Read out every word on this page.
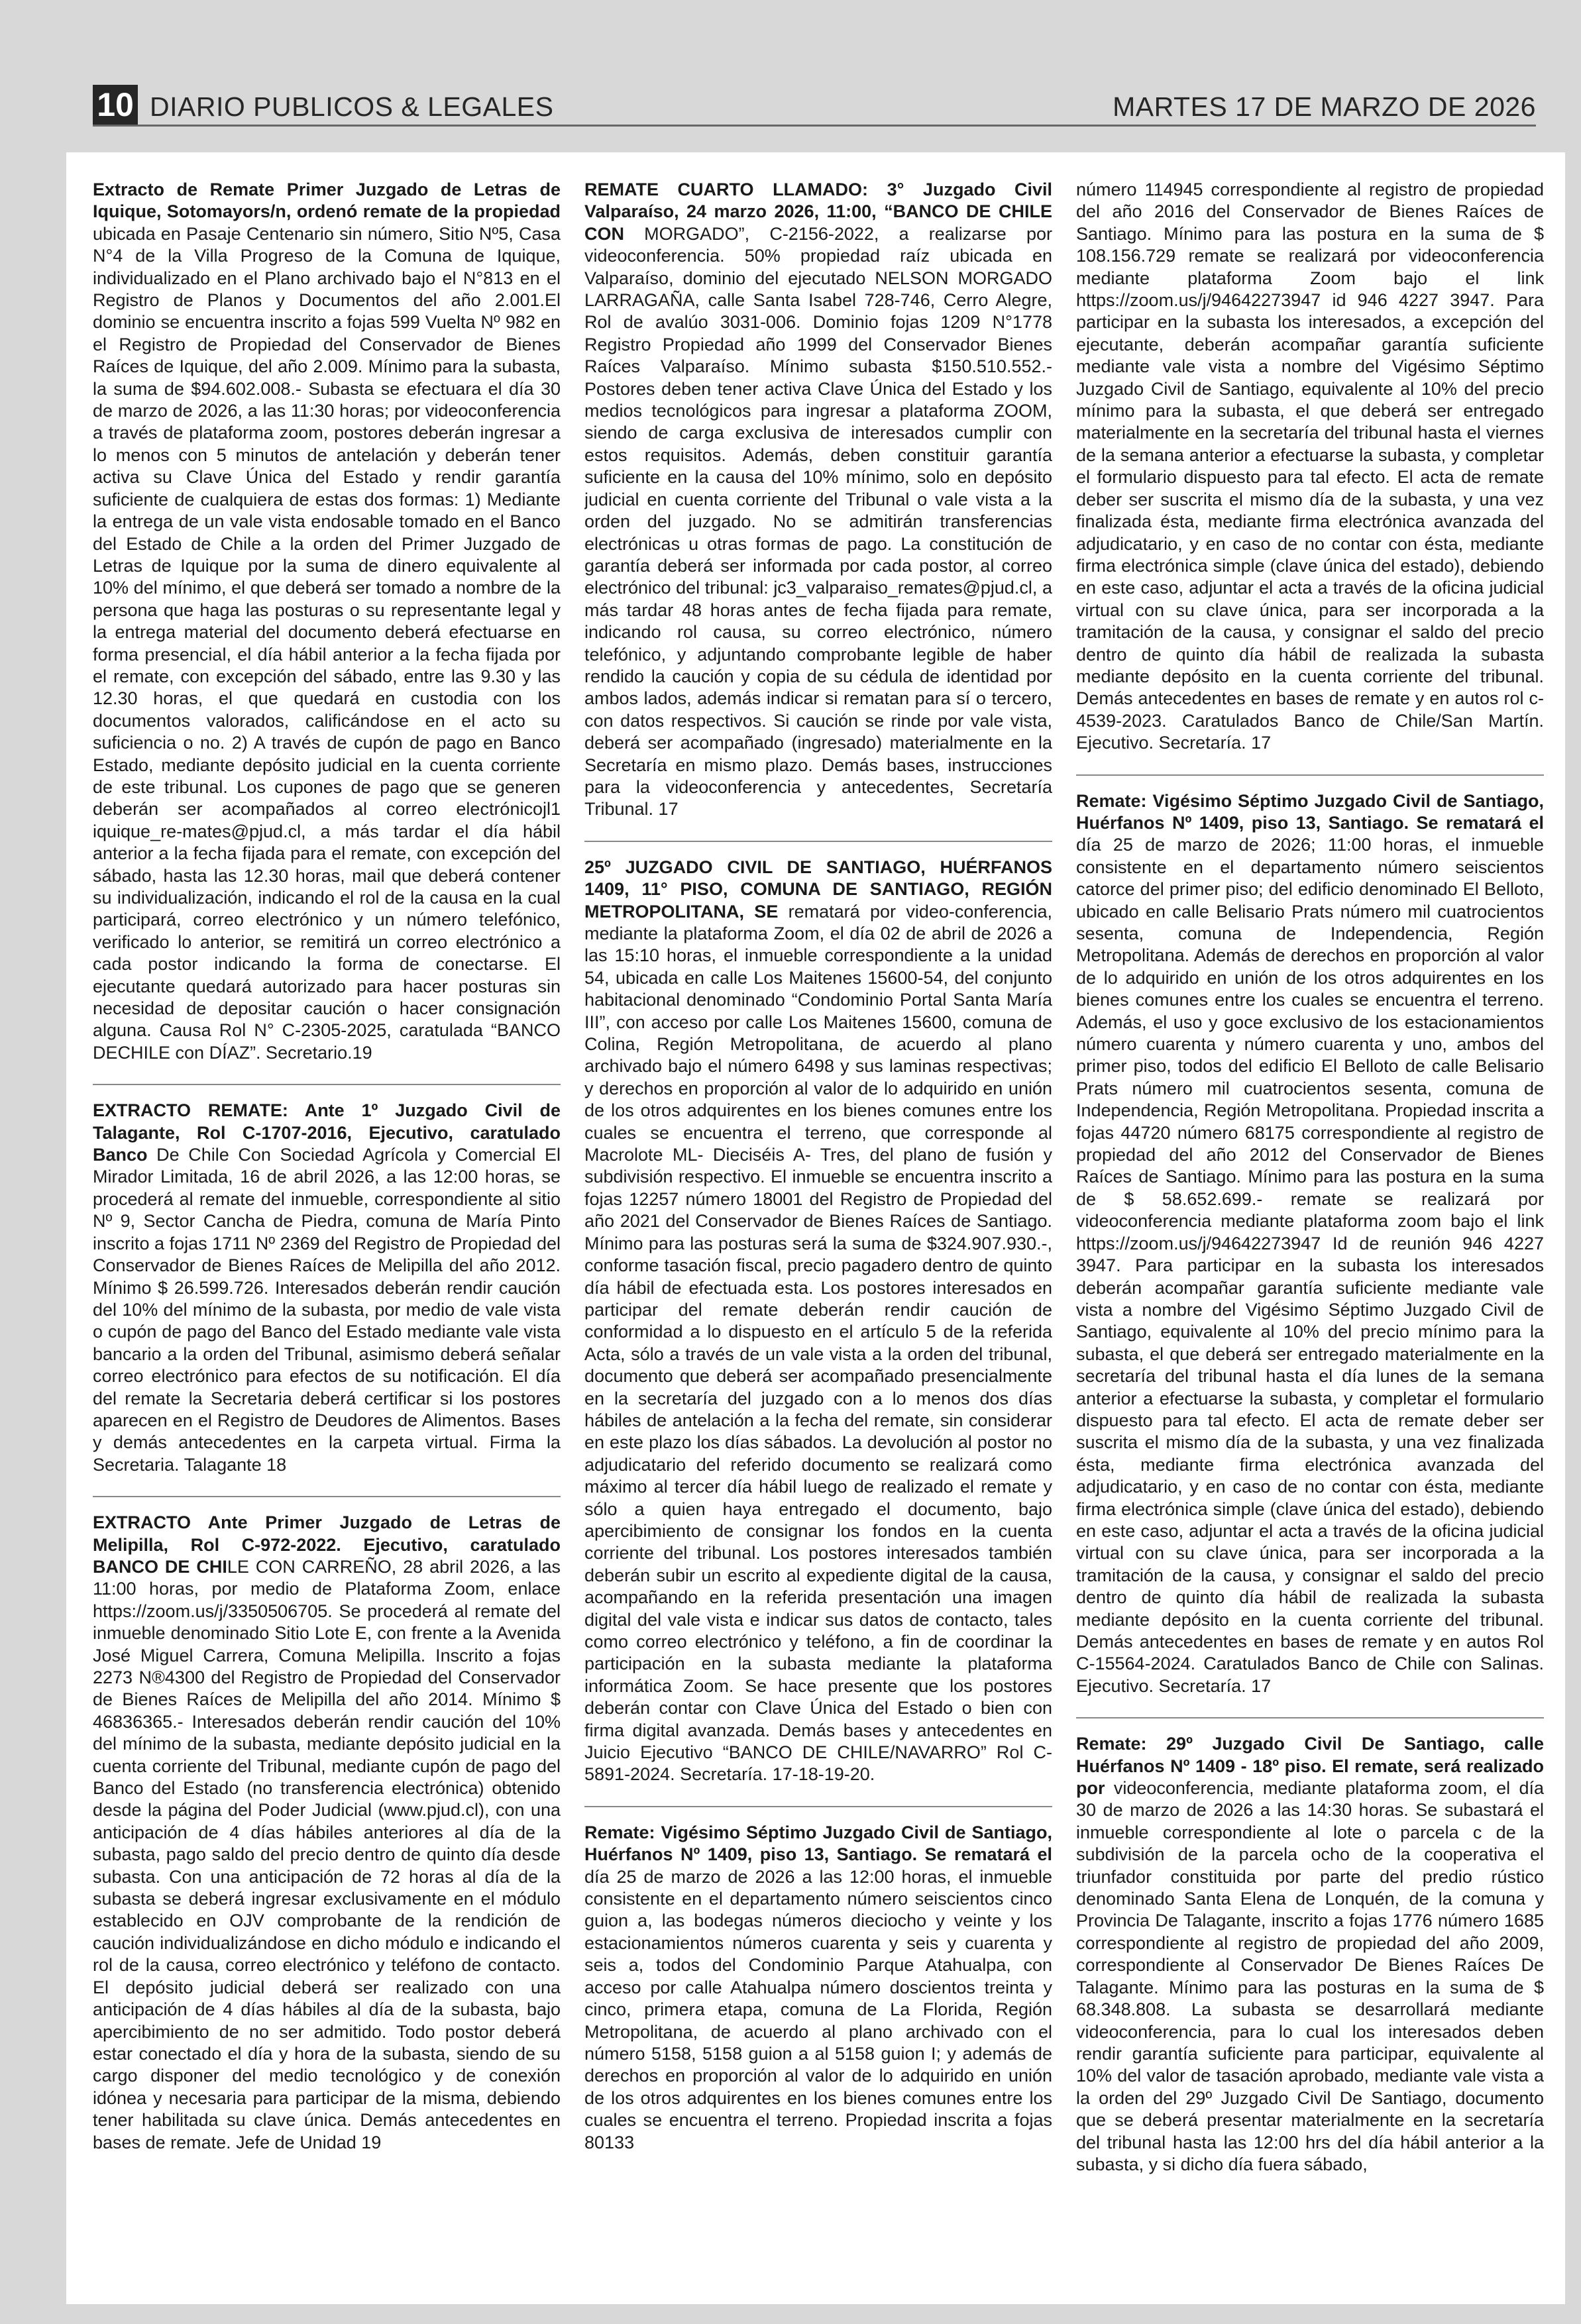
10 DIARIO PUBLICOS & LEGALES	MARTES 17 DE MARZO DE 2026

Extracto de Remate Primer Juzgado de Letras de Iquique, Sotomayors/n, ordenó remate de la propiedad ubicada en Pasaje Centenario sin número, Sitio Nº5, Casa N°4 de la Villa Progreso de la Comuna de Iquique, individualizado en el Plano archivado bajo el N°813 en el Registro de Planos y Documentos del año 2.001.El dominio se encuentra inscrito a fojas 599 Vuelta Nº 982 en el Registro de Propiedad del Conservador de Bienes Raíces de Iquique, del año 2.009. Mínimo para la subasta, la suma de $94.602.008.- Subasta se efectuara el día 30 de marzo de 2026, a las 11:30 horas; por videoconferencia a través de plataforma zoom, postores deberán ingresar a lo menos con 5 minutos de antelación y deberán tener activa su Clave Única del Estado y rendir garantía suficiente de cualquiera de estas dos formas: 1) Mediante la entrega de un vale vista endosable tomado en el Banco del Estado de Chile a la orden del Primer Juzgado de Letras de Iquique por la suma de dinero equivalente al 10% del mínimo, el que deberá ser tomado a nombre de la persona que haga las posturas o su representante legal y la entrega material del documento deberá efectuarse en forma presencial, el día hábil anterior a la fecha fijada por el remate, con excepción del sábado, entre las 9.30 y las 12.30 horas, el que quedará en custodia con los documentos valorados, calificándose en el acto su suficiencia o no. 2) A través de cupón de pago en Banco Estado, mediante depósito judicial en la cuenta corriente de este tribunal. Los cupones de pago que se generen deberán ser acompañados al correo electrónicojl1 iquique_re-mates@pjud.cl, a más tardar el día hábil anterior a la fecha fijada para el remate, con excepción del sábado, hasta las 12.30 horas, mail que deberá contener su individualización, indicando el rol de la causa en la cual participará, correo electrónico y un número telefónico, verificado lo anterior, se remitirá un correo electrónico a cada postor indicando la forma de conectarse. El ejecutante quedará autorizado para hacer posturas sin necesidad de depositar caución o hacer consignación alguna. Causa Rol N° C-2305-2025, caratulada “BANCO DECHILE con DÍAZ”. Secretario.19

EXTRACTO REMATE: Ante 1º Juzgado Civil de Talagante, Rol C-1707-2016, Ejecutivo, caratulado Banco De Chile Con Sociedad Agrícola y Comercial El Mirador Limitada, 16 de abril 2026, a las 12:00 horas, se procederá al remate del inmueble, correspondiente al sitio Nº 9, Sector Cancha de Piedra, comuna de María Pinto inscrito a fojas 1711 Nº 2369 del Registro de Propiedad del Conservador de Bienes Raíces de Melipilla del año 2012. Mínimo $ 26.599.726. Interesados deberán rendir caución del 10% del mínimo de la subasta, por medio de vale vista o cupón de pago del Banco del Estado mediante vale vista bancario a la orden del Tribunal, asimismo deberá señalar correo electrónico para efectos de su notificación. El día del remate la Secretaria deberá certificar si los postores aparecen en el Registro de Deudores de Alimentos. Bases y demás antecedentes en la carpeta virtual. Firma la Secretaria. Talagante 18

EXTRACTO Ante Primer Juzgado de Letras de Melipilla, Rol C-972-2022. Ejecutivo, caratulado BANCO DE CHILE CON CARREÑO, 28 abril 2026, a las 11:00 horas, por medio de Plataforma Zoom, enlace https://zoom.us/j/3350506705. Se procederá al remate del inmueble denominado Sitio Lote E, con frente a la Avenida José Miguel Carrera, Comuna Melipilla. Inscrito a fojas 2273 N®4300 del Registro de Propiedad del Conservador de Bienes Raíces de Melipilla del año 2014. Mínimo $ 46836365.- Interesados deberán rendir caución del 10% del mínimo de la subasta, mediante depósito judicial en la cuenta corriente del Tribunal, mediante cupón de pago del Banco del Estado (no transferencia electrónica) obtenido desde la página del Poder Judicial (www.pjud.cl), con una anticipación de 4 días hábiles anteriores al día de la subasta, pago saldo del precio dentro de quinto día desde subasta. Con una anticipación de 72 horas al día de la subasta se deberá ingresar exclusivamente en el módulo establecido en OJV comprobante de la rendición de caución individualizándose en dicho módulo e indicando el rol de la causa, correo electrónico y teléfono de contacto. El depósito judicial deberá ser realizado con una anticipación de 4 días hábiles al día de la subasta, bajo apercibimiento de no ser admitido. Todo postor deberá estar conectado el día y hora de la subasta, siendo de su cargo disponer del medio tecnológico y de conexión idónea y necesaria para participar de la misma, debiendo tener habilitada su clave única. Demás antecedentes en bases de remate. Jefe de Unidad 19

REMATE CUARTO LLAMADO: 3° Juzgado Civil Valparaíso, 24 marzo 2026, 11:00, “BANCO DE CHILE CON MORGADO”, C-2156-2022, a realizarse por videoconferencia. 50% propiedad raíz ubicada en Valparaíso, dominio del ejecutado NELSON MORGADO LARRAGAÑA, calle Santa Isabel 728-746, Cerro Alegre, Rol de avalúo 3031-006. Dominio fojas 1209 N°1778 Registro Propiedad año 1999 del Conservador Bienes Raíces Valparaíso. Mínimo subasta $150.510.552.- Postores deben tener activa Clave Única del Estado y los medios tecnológicos para ingresar a plataforma ZOOM, siendo de carga exclusiva de interesados cumplir con estos requisitos. Además, deben constituir garantía suficiente en la causa del 10% mínimo, solo en depósito judicial en cuenta corriente del Tribunal o vale vista a la orden del juzgado. No se admitirán transferencias electrónicas u otras formas de pago. La constitución de garantía deberá ser informada por cada postor, al correo electrónico del tribunal: jc3_valparaiso_remates@pjud.cl, a más tardar 48 horas antes de fecha fijada para remate, indicando rol causa, su correo electrónico, número telefónico, y adjuntando comprobante legible de haber rendido la caución y copia de su cédula de identidad por ambos lados, además indicar si rematan para sí o tercero, con datos respectivos. Si caución se rinde por vale vista, deberá ser acompañado (ingresado) materialmente en la Secretaría en mismo plazo. Demás bases, instrucciones para la videoconferencia y antecedentes, Secretaría Tribunal. 17

25º JUZGADO CIVIL DE SANTIAGO, HUÉRFANOS 1409, 11° PISO, COMUNA DE SANTIAGO, REGIÓN METROPOLITANA, SE rematará por video-conferencia, mediante la plataforma Zoom, el día 02 de abril de 2026 a las 15:10 horas, el inmueble correspondiente a la unidad 54, ubicada en calle Los Maitenes 15600-54, del conjunto habitacional denominado “Condominio Portal Santa María III”, con acceso por calle Los Maitenes 15600, comuna de Colina, Región Metropolitana, de acuerdo al plano archivado bajo el número 6498 y sus laminas respectivas; y derechos en proporción al valor de lo adquirido en unión de los otros adquirentes en los bienes comunes entre los cuales se encuentra el terreno, que corresponde al Macrolote ML- Dieciséis A- Tres, del plano de fusión y subdivisión respectivo. El inmueble se encuentra inscrito a fojas 12257 número 18001 del Registro de Propiedad del año 2021 del Conservador de Bienes Raíces de Santiago. Mínimo para las posturas será la suma de $324.907.930.-, conforme tasación fiscal, precio pagadero dentro de quinto día hábil de efectuada esta. Los postores interesados en participar del remate deberán rendir caución de conformidad a lo dispuesto en el artículo 5 de la referida Acta, sólo a través de un vale vista a la orden del tribunal, documento que deberá ser acompañado presencialmente en la secretaría del juzgado con a lo menos dos días hábiles de antelación a la fecha del remate, sin considerar en este plazo los días sábados. La devolución al postor no adjudicatario del referido documento se realizará como máximo al tercer día hábil luego de realizado el remate y sólo a quien haya entregado el documento, bajo apercibimiento de consignar los fondos en la cuenta corriente del tribunal. Los postores interesados también deberán subir un escrito al expediente digital de la causa, acompañando en la referida presentación una imagen digital del vale vista e indicar sus datos de contacto, tales como correo electrónico y teléfono, a fin de coordinar la participación en la subasta mediante la plataforma informática Zoom. Se hace presente que los postores deberán contar con Clave Única del Estado o bien con firma digital avanzada. Demás bases y antecedentes en Juicio Ejecutivo “BANCO DE CHILE/NAVARRO” Rol C-5891-2024. Secretaría. 17-18-19-20.

Remate: Vigésimo Séptimo Juzgado Civil de Santiago, Huérfanos Nº 1409, piso 13, Santiago. Se rematará el día 25 de marzo de 2026 a las 12:00 horas, el inmueble consistente en el departamento número seiscientos cinco guion a, las bodegas números dieciocho y veinte y los estacionamientos números cuarenta y seis y cuarenta y seis a, todos del Condominio Parque Atahualpa, con acceso por calle Atahualpa número doscientos treinta y cinco, primera etapa, comuna de La Florida, Región Metropolitana, de acuerdo al plano archivado con el número 5158, 5158 guion a al 5158 guion I; y además de derechos en proporción al valor de lo adquirido en unión de los otros adquirentes en los bienes comunes entre los cuales se encuentra el terreno. Propiedad inscrita a fojas 80133

número 114945 correspondiente al registro de propiedad del año 2016 del Conservador de Bienes Raíces de Santiago. Mínimo para las postura en la suma de $ 108.156.729 remate se realizará por videoconferencia mediante plataforma Zoom bajo el link https://zoom.us/j/94642273947 id 946 4227 3947. Para participar en la subasta los interesados, a excepción del ejecutante, deberán acompañar garantía suficiente mediante vale vista a nombre del Vigésimo Séptimo Juzgado Civil de Santiago, equivalente al 10% del precio mínimo para la subasta, el que deberá ser entregado materialmente en la secretaría del tribunal hasta el viernes de la semana anterior a efectuarse la subasta, y completar el formulario dispuesto para tal efecto. El acta de remate deber ser suscrita el mismo día de la subasta, y una vez finalizada ésta, mediante firma electrónica avanzada del adjudicatario, y en caso de no contar con ésta, mediante firma electrónica simple (clave única del estado), debiendo en este caso, adjuntar el acta a través de la oficina judicial virtual con su clave única, para ser incorporada a la tramitación de la causa, y consignar el saldo del precio dentro de quinto día hábil de realizada la subasta mediante depósito en la cuenta corriente del tribunal. Demás antecedentes en bases de remate y en autos rol c-4539-2023. Caratulados Banco de Chile/San Martín. Ejecutivo. Secretaría. 17

Remate: Vigésimo Séptimo Juzgado Civil de Santiago, Huérfanos Nº 1409, piso 13, Santiago. Se rematará el día 25 de marzo de 2026; 11:00 horas, el inmueble consistente en el departamento número seiscientos catorce del primer piso; del edificio denominado El Belloto, ubicado en calle Belisario Prats número mil cuatrocientos sesenta, comuna de Independencia, Región Metropolitana. Además de derechos en proporción al valor de lo adquirido en unión de los otros adquirentes en los bienes comunes entre los cuales se encuentra el terreno. Además, el uso y goce exclusivo de los estacionamientos número cuarenta y número cuarenta y uno, ambos del primer piso, todos del edificio El Belloto de calle Belisario Prats número mil cuatrocientos sesenta, comuna de Independencia, Región Metropolitana. Propiedad inscrita a fojas 44720 número 68175 correspondiente al registro de propiedad del año 2012 del Conservador de Bienes Raíces de Santiago. Mínimo para las postura en la suma de $ 58.652.699.- remate se realizará por videoconferencia mediante plataforma zoom bajo el link https://zoom.us/j/94642273947 Id de reunión 946 4227 3947. Para participar en la subasta los interesados deberán acompañar garantía suficiente mediante vale vista a nombre del Vigésimo Séptimo Juzgado Civil de Santiago, equivalente al 10% del precio mínimo para la subasta, el que deberá ser entregado materialmente en la secretaría del tribunal hasta el día lunes de la semana anterior a efectuarse la subasta, y completar el formulario dispuesto para tal efecto. El acta de remate deber ser suscrita el mismo día de la subasta, y una vez finalizada ésta, mediante firma electrónica avanzada del adjudicatario, y en caso de no contar con ésta, mediante firma electrónica simple (clave única del estado), debiendo en este caso, adjuntar el acta a través de la oficina judicial virtual con su clave única, para ser incorporada a la tramitación de la causa, y consignar el saldo del precio dentro de quinto día hábil de realizada la subasta mediante depósito en la cuenta corriente del tribunal. Demás antecedentes en bases de remate y en autos Rol C-15564-2024. Caratulados Banco de Chile con Salinas. Ejecutivo. Secretaría. 17

Remate: 29º Juzgado Civil De Santiago, calle Huérfanos Nº 1409 - 18º piso. El remate, será realizado por videoconferencia, mediante plataforma zoom, el día 30 de marzo de 2026 a las 14:30 horas. Se subastará el inmueble correspondiente al lote o parcela c de la subdivisión de la parcela ocho de la cooperativa el triunfador constituida por parte del predio rústico denominado Santa Elena de Lonquén, de la comuna y Provincia De Talagante, inscrito a fojas 1776 número 1685 correspondiente al registro de propiedad del año 2009, correspondiente al Conservador De Bienes Raíces De Talagante. Mínimo para las posturas en la suma de $ 68.348.808. La subasta se desarrollará mediante videoconferencia, para lo cual los interesados deben rendir garantía suficiente para participar, equivalente al 10% del valor de tasación aprobado, mediante vale vista a la orden del 29º Juzgado Civil De Santiago, documento que se deberá presentar materialmente en la secretaría del tribunal hasta las 12:00 hrs del día hábil anterior a la subasta, y si dicho día fuera sábado,
